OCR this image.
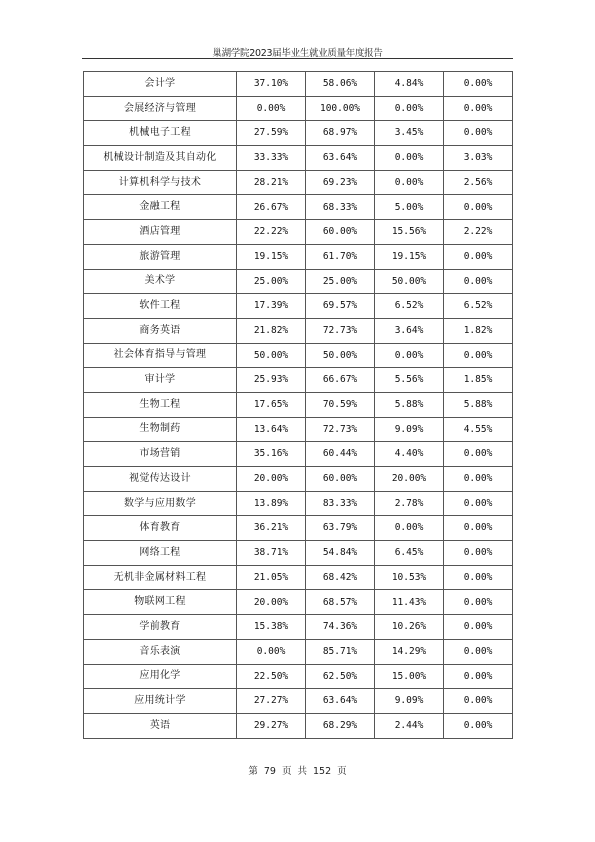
巢湖学院2023届毕业生就业质量年度报告
会计学	37.10%	58.06%	4.84%	0.00%
会展经济与管理	0.00%	100.00%	0.00%	0.00%
机械电子工程	27.59%	68.97%	3.45%	0.00%
机械设计制造及其自动化	33.33%	63.64%	0.00%	3.03%
计算机科学与技术	28.21%	69.23%	0.00%	2.56%
金融工程	26.67%	68.33%	5.00%	0.00%
酒店管理	22.22%	60.00%	15.56%	2.22%
旅游管理	19.15%	61.70%	19.15%	0.00%
美术学	25.00%	25.00%	50.00%	0.00%
软件工程	17.39%	69.57%	6.52%	6.52%
商务英语	21.82%	72.73%	3.64%	1.82%
社会体育指导与管理	50.00%	50.00%	0.00%	0.00%
审计学	25.93%	66.67%	5.56%	1.85%
生物工程	17.65%	70.59%	5.88%	5.88%
生物制药	13.64%	72.73%	9.09%	4.55%
市场营销	35.16%	60.44%	4.40%	0.00%
视觉传达设计	20.00%	60.00%	20.00%	0.00%
数学与应用数学	13.89%	83.33%	2.78%	0.00%
体育教育	36.21%	63.79%	0.00%	0.00%
网络工程	38.71%	54.84%	6.45%	0.00%
无机非金属材料工程	21.05%	68.42%	10.53%	0.00%
物联网工程	20.00%	68.57%	11.43%	0.00%
学前教育	15.38%	74.36%	10.26%	0.00%
音乐表演	0.00%	85.71%	14.29%	0.00%
应用化学	22.50%	62.50%	15.00%	0.00%
应用统计学	27.27%	63.64%	9.09%	0.00%
英语	29.27%	68.29%	2.44%	0.00%
第 79 页 共 152 页
